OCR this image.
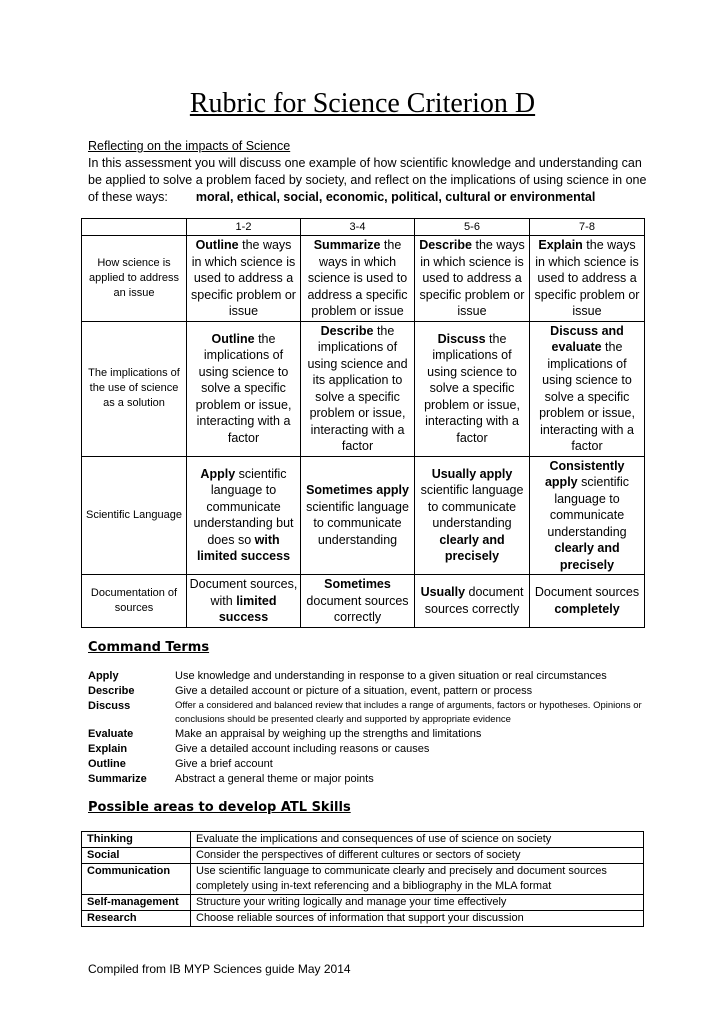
Rubric for Science Criterion D
Reflecting on the impacts of Science
In this assessment you will discuss one example of how scientific knowledge and understanding can be applied to solve a problem faced by society, and reflect on the implications of using science in one of these ways: moral, ethical, social, economic, political, cultural or environmental
	1-2	3-4	5-6	7-8
How science is applied to address an issue	Outline the ways in which science is used to address a specific problem or issue	Summarize the ways in which science is used to address a specific problem or issue	Describe the ways in which science is used to address a specific problem or issue	Explain the ways in which science is used to address a specific problem or issue
The implications of the use of science as a solution	Outline the implications of using science to solve a specific problem or issue, interacting with a factor	Describe the implications of using science and its application to solve a specific problem or issue, interacting with a factor	Discuss the implications of using science to solve a specific problem or issue, interacting with a factor	Discuss and evaluate the implications of using science to solve a specific problem or issue, interacting with a factor
Scientific Language	Apply scientific language to communicate understanding but does so with limited success	Sometimes apply scientific language to communicate understanding	Usually apply scientific language to communicate understanding clearly and precisely	Consistently apply scientific language to communicate understanding clearly and precisely
Documentation of sources	Document sources, with limited success	Sometimes document sources correctly	Usually document sources correctly	Document sources completely
Command Terms
Apply	Use knowledge and understanding in response to a given situation or real circumstances
Describe	Give a detailed account or picture of a situation, event, pattern or process
Discuss	Offer a considered and balanced review that includes a range of arguments, factors or hypotheses. Opinions or conclusions should be presented clearly and supported by appropriate evidence
Evaluate	Make an appraisal by weighing up the strengths and limitations
Explain	Give a detailed account including reasons or causes
Outline	Give a brief account
Summarize	Abstract a general theme or major points
Possible areas to develop ATL Skills
Thinking	Evaluate the implications and consequences of use of science on society
Social	Consider the perspectives of different cultures or sectors of society
Communication	Use scientific language to communicate clearly and precisely and document sources completely using in-text referencing and a bibliography in the MLA format
Self-management	Structure your writing logically and manage your time effectively
Research	Choose reliable sources of information that support your discussion
Compiled from IB MYP Sciences guide May 2014
